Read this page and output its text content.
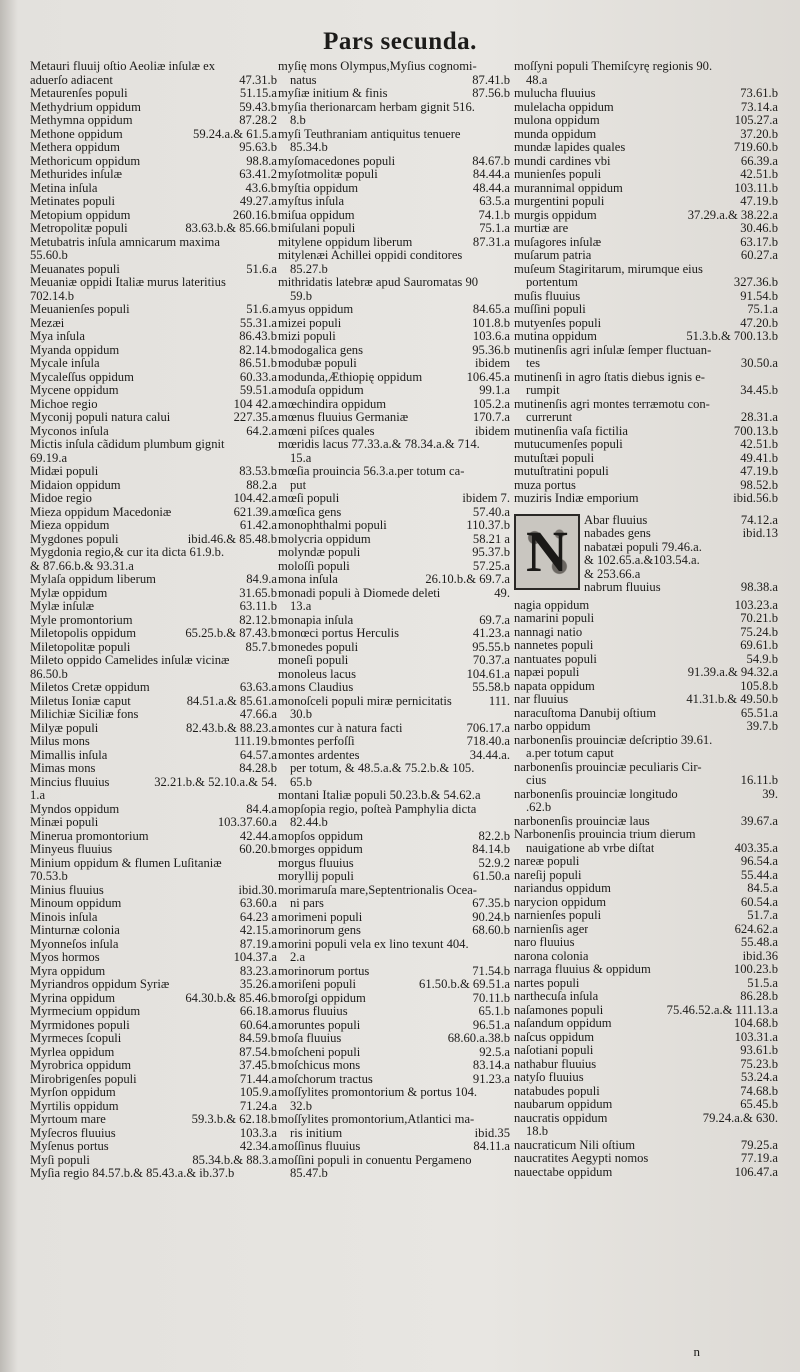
Pars secunda.
Metauri fluuij oſtio Aeoliæ inſulæ ex
aduerſo adiacent	47.31.b
Metaurenſes populi	51.15.a
Methydrium oppidum	59.43.b
Methymna oppidum	87.28.2
Methone oppidum	59.24.a.& 61.5.a
Methera oppidum	95.63.b
Methoricum oppidum	98.8.a
Methurides inſulæ	63.41.2
Metina inſula	43.6.b
Metinates populi	49.27.a
Metopium oppidum	260.16.b
Metropolitæ populi	83.63.b.& 85.66.b
Metubatris inſula amnicarum maxima
55.60.b
Meuanates populi	51.6.a
Meuaniæ oppidi Italiæ murus lateritius
702.14.b
Meuanienſes populi	51.6.a
Mezæi	55.31.a
Mya inſula	86.43.b
Myanda oppidum	82.14.b
Mycale inſula	86.51.b
Mycaleſſus oppidum	60.33.a
Mycene oppidum	59.51.a
Michoe regio	104 42.a
Myconij populi natura calui	227.35.a
Myconos inſula	64.2.a
Mictis inſula cãdidum plumbum gignit
69.19.a
Midæi populi	83.53.b
Midaion oppidum	88.2.a
Midoe regio	104.42.a
Mieza oppidum Macedoniæ	621.39.a
Mieza oppidum	61.42.a
Mygdones populi	ibid.46.& 85.48.b
Mygdonia regio,& cur ita dicta 61.9.b.
& 87.66.b.& 93.31.a
Mylaſa oppidum liberum	84.9.a
Mylæ oppidum	31.65.b
Mylæ inſulæ	63.11.b
Myle promontorium	82.12.b
Miletopolis oppidum	65.25.b.& 87.43.b
Miletopolitæ populi	85.7.b
Mileto oppido Camelides inſulæ vicinæ
86.50.b
Miletos Cretæ oppidum	63.63.a
Miletus Ioniæ caput	84.51.a.& 85.61.a
Milichiæ Siciliæ fons	47.66.a
Milyæ populi	82.43.b.& 88.23.a
Milus mons	111.19.b
Mimallis inſula	64.57.a
Mimas mons	84.28.b
Mincius fluuius	32.21.b.& 52.10.a.& 54.
1.a
Myndos oppidum	84.4.a
Minæi populi	103.37.60.a
Minerua promontorium	42.44.a
Minyeus fluuius	60.20.b
Minium oppidum & flumen Luſitaniæ
70.53.b
Minius fluuius	ibid.30.
Minoum oppidum	63.60.a
Minois inſula	64.23 a
Minturnæ colonia	42.15.a
Myonneſos inſula	87.19.a
Myos hormos	104.37.a
Myra oppidum	83.23.a
Myriandros oppidum Syriæ	35.26.a
Myrina oppidum	64.30.b.& 85.46.b
Myrmecium oppidum	66.18.a
Myrmidones populi	60.64.a
Myrmeces ſcopuli	84.59.b
Myrlea oppidum	87.54.b
Myrobrica oppidum	37.45.b
Mirobrigenſes populi	71.44.a
Myrſon oppidum	105.9.a
Myrtilis oppidum	71.24.a
Myrtoum mare	59.3.b.& 62.18.b
Myſecros fluuius	103.3.a
Myſenus portus	42.34.a
Myſi populi	85.34.b.& 88.3.a
Myſia regio 84.57.b.& 85.43.a.& ib.37.b
myſię mons Olympus,Myſius cognomi-
natus	87.41.b
myſiæ initium & finis	87.56.b
myſia therionarcam herbam gignit 516.
8.b
myſi Teuthraniam antiquitus tenuere
85.34.b
myſomacedones populi	84.67.b
myſotmolitæ populi	84.44.a
myſtia oppidum	48.44.a
myſtus inſula	63.5.a
miſua oppidum	74.1.b
miſulani populi	75.1.a
mitylene oppidum liberum	87.31.a
mitylenæi Achillei oppidi conditores
85.27.b
mithridatis latebræ apud Sauromatas 90
59.b
myus oppidum	84.65.a
mizei populi	101.8.b
mizi populi	103.6.a
modogalica gens	95.36.b
modubæ populi	ibidem
modunda,Æthiopię oppidum	106.45.a
moduſa oppidum	99.1.a
mœchindira oppidum	105.2.a
mœnus fluuius Germaniæ	170.7.a
mœni piſces quales	ibidem
mœridis lacus 77.33.a.& 78.34.a.& 714.
15.a
mœſia prouincia 56.3.a.per totum ca-
put
mœſi populi	ibidem 7.
mœſica gens	57.40.a
monophthalmi populi	110.37.b
molycria oppidum	58.21 a
molyndæ populi	95.37.b
moloſſi populi	57.25.a
mona inſula	26.10.b.& 69.7.a
monadi populi à Diomede deleti	49.
13.a
monapia inſula	69.7.a
monœci portus Herculis	41.23.a
monedes populi	95.55.b
moneſi populi	70.37.a
monoleus lacus	104.61.a
mons Claudius	55.58.b
monoſceli populi miræ pernicitatis	111.
30.b
montes cur à natura facti	706.17.a
montes perfoſſi	718.40.a
montes ardentes	34.44.a.
per totum, & 48.5.a.& 75.2.b.& 105.
65.b
montani Italiæ populi 50.23.b.& 54.62.a
mopſopia regio, poſteà Pamphylia dicta
82.44.b
mopſos oppidum	82.2.b
morges oppidum	84.14.b
morgus fluuius	52.9.2
moryllij populi	61.50.a
morimaruſa mare,Septentrionalis Ocea-
ni pars	67.35.b
morimeni populi	90.24.b
morinorum gens	68.60.b
morini populi vela ex lino texunt 404.
2.a
morinorum portus	71.54.b
moriſeni populi	61.50.b.& 69.51.a
moroſgi oppidum	70.11.b
morus fluuius	65.1.b
moruntes populi	96.51.a
moſa fluuius	68.60.a.38.b
moſcheni populi	92.5.a
moſchicus mons	83.14.a
moſchorum tractus	91.23.a
moſſylites promontorium & portus 104.
32.b
moſſylites promontorium,Atlantici ma-
ris initium	ibid.35
moſſinus fluuius	84.11.a
moſſini populi in conuentu Pergameno
85.47.b
moſſyni populi Themiſcyrę regionis 90.
48.a
mulucha fluuius	73.61.b
mulelacha oppidum	73.14.a
mulona oppidum	105.27.a
munda oppidum	37.20.b
mundæ lapides quales	719.60.b
mundi cardines vbi	66.39.a
munienſes populi	42.51.b
murannimal oppidum	103.11.b
murgentini populi	47.19.b
murgis oppidum	37.29.a.& 38.22.a
murtiæ are	30.46.b
muſagores inſulæ	63.17.b
muſarum patria	60.27.a
muſeum Stagiritarum, mirumque eius
portentum	327.36.b
muſis fluuius	91.54.b
muſſini populi	75.1.a
mutyenſes populi	47.20.b
mutina oppidum	51.3.b.& 700.13.b
mutinenſis agri inſulæ ſemper fluctuan-
tes	30.50.a
mutinenſi in agro ſtatis diebus ignis e-
rumpit	34.45.b
mutinenſis agri montes terræmotu con-
currerunt	28.31.a
mutinenſia vaſa fictilia	700.13.b
mutucumenſes populi	42.51.b
mutuſtæi populi	49.41.b
mutuſtratini populi	47.19.b
muza portus	98.52.b
muziris Indiæ emporium	ibid.56.b
N	Abar fluuius	74.12.a
nabades gens	ibid.13
nabatæi populi 79.46.a.
& 102.65.a.&103.54.a.
& 253.66.a
nabrum fluuius	98.38.a
nagia oppidum	103.23.a
namarini populi	70.21.b
nannagi natio	75.24.b
nannetes populi	69.61.b
nantuates populi	54.9.b
napæi populi	91.39.a.& 94.32.a
napata oppidum	105.8.b
nar fluuius	41.31.b.& 49.50.b
naracuſtoma Danubij oſtium	65.51.a
narbo oppidum	39.7.b
narbonenſis prouinciæ deſcriptio 39.61.
a.per totum caput
narbonenſis prouinciæ peculiaris Cir-
cius	16.11.b
narbonenſis prouinciæ longitudo	39.
.62.b
narbonenſis prouinciæ laus	39.67.a
Narbonenſis prouincia trium dierum
nauigatione ab vrbe diſtat	403.35.a
nareæ populi	96.54.a
nareſij populi	55.44.a
nariandus oppidum	84.5.a
narycion oppidum	60.54.a
narnienſes populi	51.7.a
narnienſis ager	624.62.a
naro fluuius	55.48.a
narona colonia	ibid.36
narraga fluuius & oppidum	100.23.b
nartes populi	51.5.a
narthecuſa inſula	86.28.b
naſamones populi	75.46.52.a.& 111.13.a
naſandum oppidum	104.68.b
naſcus oppidum	103.31.a
naſotiani populi	93.61.b
nathabur fluuius	75.23.b
natyſo fluuius	53.24.a
natabudes populi	74.68.b
naubarum oppidum	65.45.b
naucratis oppidum	79.24.a.& 630.
18.b
naucraticum Nili oſtium	79.25.a
naucratites Aegypti nomos	77.19.a
nauectabe oppidum	106.47.a
n
